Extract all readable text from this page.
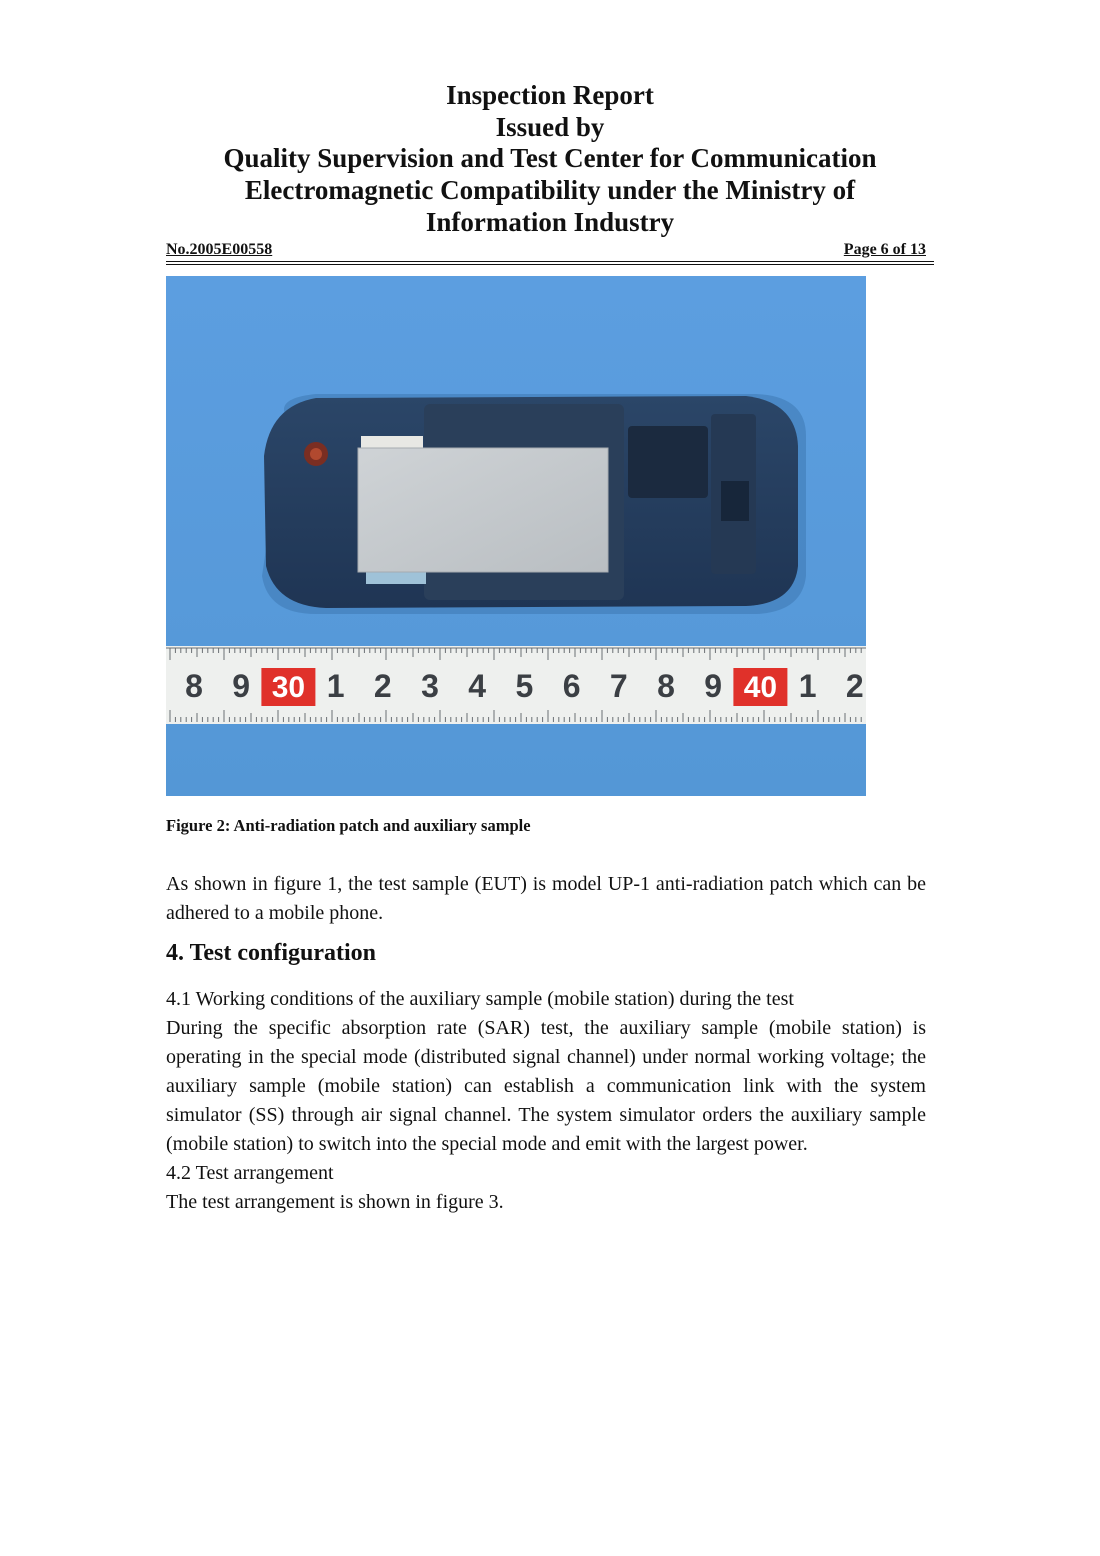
Inspection Report
Issued by
Quality Supervision and Test Center for Communication
Electromagnetic Compatibility under the Ministry of
Information Industry
No.2005E00558	Page 6 of 13
8 9 30 1 2 3 4 5 6 7 8 9 40 1 2
Figure 2: Anti-radiation patch and auxiliary sample

As shown in figure 1, the test sample (EUT) is model UP-1 anti-radiation patch which can be adhered to a mobile phone.

4. Test configuration

4.1 Working conditions of the auxiliary sample (mobile station) during the test

During the specific absorption rate (SAR) test, the auxiliary sample (mobile station) is operating in the special mode (distributed signal channel) under normal working voltage; the auxiliary sample (mobile station) can establish a communication link with the system simulator (SS) through air signal channel. The system simulator orders the auxiliary sample (mobile station) to switch into the special mode and emit with the largest power.

4.2 Test arrangement

The test arrangement is shown in figure 3.
